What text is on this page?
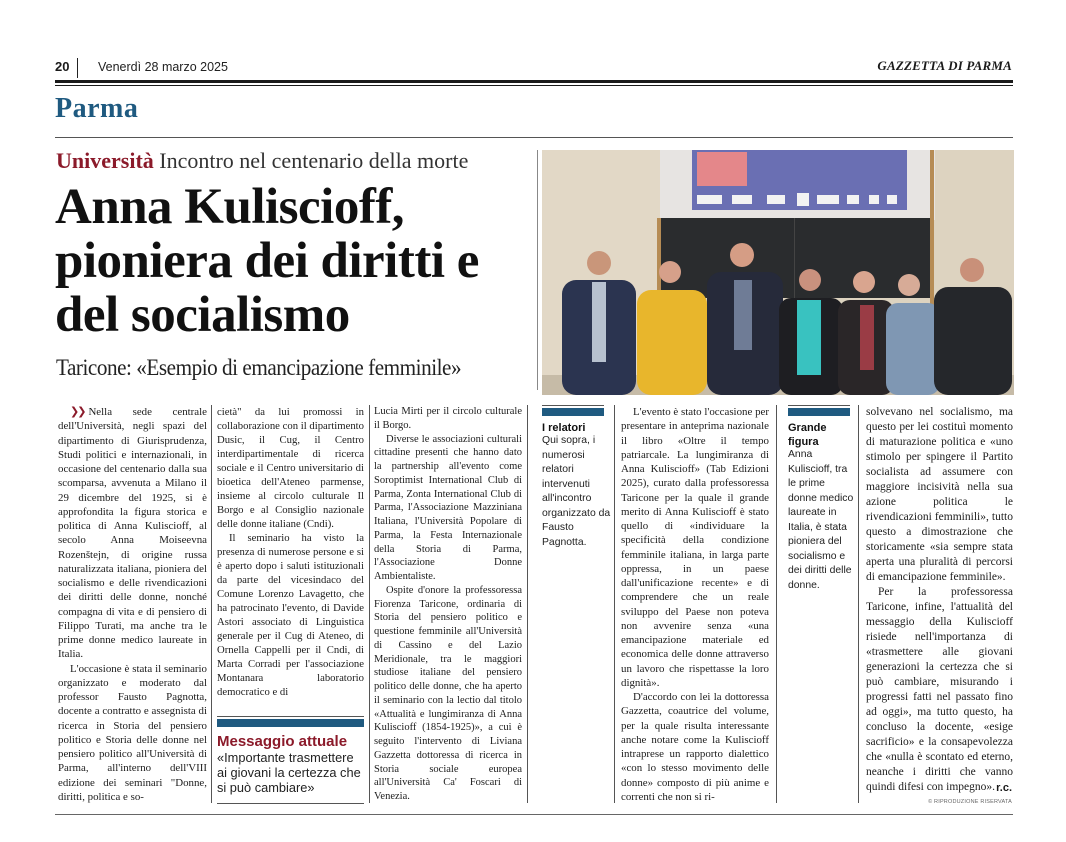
20 Venerdì 28 marzo 2025	GAZZETTA DI PARMA
Parma
Università Incontro nel centenario della morte
Anna Kuliscioff, pioniera dei diritti e del socialismo
Taricone: «Esempio di emancipazione femminile»

❯❯ Nella sede centrale dell'Università, negli spazi del dipartimento di Giurisprudenza, Studi politici e internazionali, in occasione del centenario dalla sua scomparsa, avvenuta a Milano il 29 dicembre del 1925, si è approfondita la figura storica e politica di Anna Kuliscioff, al secolo Anna Moiseevna Rozenštejn, di origine russa naturalizzata italiana, pioniera del socialismo e delle rivendicazioni dei diritti delle donne, nonché compagna di vita e di pensiero di Filippo Turati, ma anche tra le prime donne medico laureate in Italia.

L'occasione è stata il seminario organizzato e moderato dal professor Fausto Pagnotta, docente a contratto e assegnista di ricerca in Storia del pensiero politico e Storia delle donne nel pensiero politico all'Università di Parma, all'interno dell'VIII edizione dei seminari "Donne, diritti, politica e so-

cietà" da lui promossi in collaborazione con il dipartimento Dusic, il Cug, il Centro interdipartimentale di ricerca sociale e il Centro universitario di bioetica dell'Ateneo parmense, insieme al circolo culturale Il Borgo e al Consiglio nazionale delle donne italiane (Cndi).

Il seminario ha visto la presenza di numerose persone e si è aperto dopo i saluti istituzionali da parte del vicesindaco del Comune Lorenzo Lavagetto, che ha patrocinato l'evento, di Davide Astori associato di Linguistica generale per il Cug di Ateneo, di Ornella Cappelli per il Cndi, di Marta Corradi per l'associazione Montanara laboratorio democratico e di

Lucia Mirti per il circolo culturale il Borgo.

Diverse le associazioni culturali cittadine presenti che hanno dato la partnership all'evento come Soroptimist International Club di Parma, Zonta International Club di Parma, l'Associazione Mazziniana Italiana, l'Università Popolare di Parma, la Festa Internazionale della Storia di Parma, l'Associazione Donne Ambientaliste.

Ospite d'onore la professoressa Fiorenza Taricone, ordinaria di Storia del pensiero politico e questione femminile all'Università di Cassino e del Lazio Meridionale, tra le maggiori studiose italiane del pensiero politico delle donne, che ha aperto il seminario con la lectio dal titolo «Attualità e lungimiranza di Anna Kuliscioff (1854-1925)», a cui è seguito l'intervento di Liviana Gazzetta dottoressa di ricerca in Storia sociale europea all'Università Ca' Foscari di Venezia.

I relatori
Qui sopra, i numerosi relatori intervenuti all'incontro organizzato da Fausto Pagnotta.

L'evento è stato l'occasione per presentare in anteprima nazionale il libro «Oltre il tempo patriarcale. La lungimiranza di Anna Kuliscioff» (Tab Edizioni 2025), curato dalla professoressa Taricone per la quale il grande merito di Anna Kuliscioff è stato quello di «individuare la specificità della condizione femminile italiana, in larga parte oppressa, in un paese dall'unificazione recente» e di comprendere che un reale sviluppo del Paese non poteva non avvenire senza «una emancipazione materiale ed economica delle donne attraverso un lavoro che rispettasse la loro dignità».

D'accordo con lei la dottoressa Gazzetta, coautrice del volume, per la quale risulta interessante anche notare come la Kuliscioff intraprese un rapporto dialettico «con lo stesso movimento delle donne» composto di più anime e correnti che non si ri-

Grande figura
Anna Kuliscioff, tra le prime donne medico laureate in Italia, è stata pioniera del socialismo e dei diritti delle donne.

solvevano nel socialismo, ma questo per lei costituì momento di maturazione politica e «uno stimolo per spingere il Partito socialista ad assumere con maggiore incisività nella sua azione politica le rivendicazioni femminili», tutto questo a dimostrazione che storicamente «sia sempre stata aperta una pluralità di percorsi di emancipazione femminile».

Per la professoressa Taricone, infine, l'attualità del messaggio della Kuliscioff risiede nell'importanza di «trasmettere alle giovani generazioni la certezza che si può cambiare, misurando i progressi fatti nel passato fino ad oggi», ma tutto questo, ha concluso la docente, «esige sacrificio» e la consapevolezza che «nulla è scontato ed eterno, neanche i diritti che vanno quindi difesi con impegno».

Messaggio attuale
«Importante trasmettere ai giovani la certezza che si può cambiare»	r.c.
© RIPRODUZIONE RISERVATA
